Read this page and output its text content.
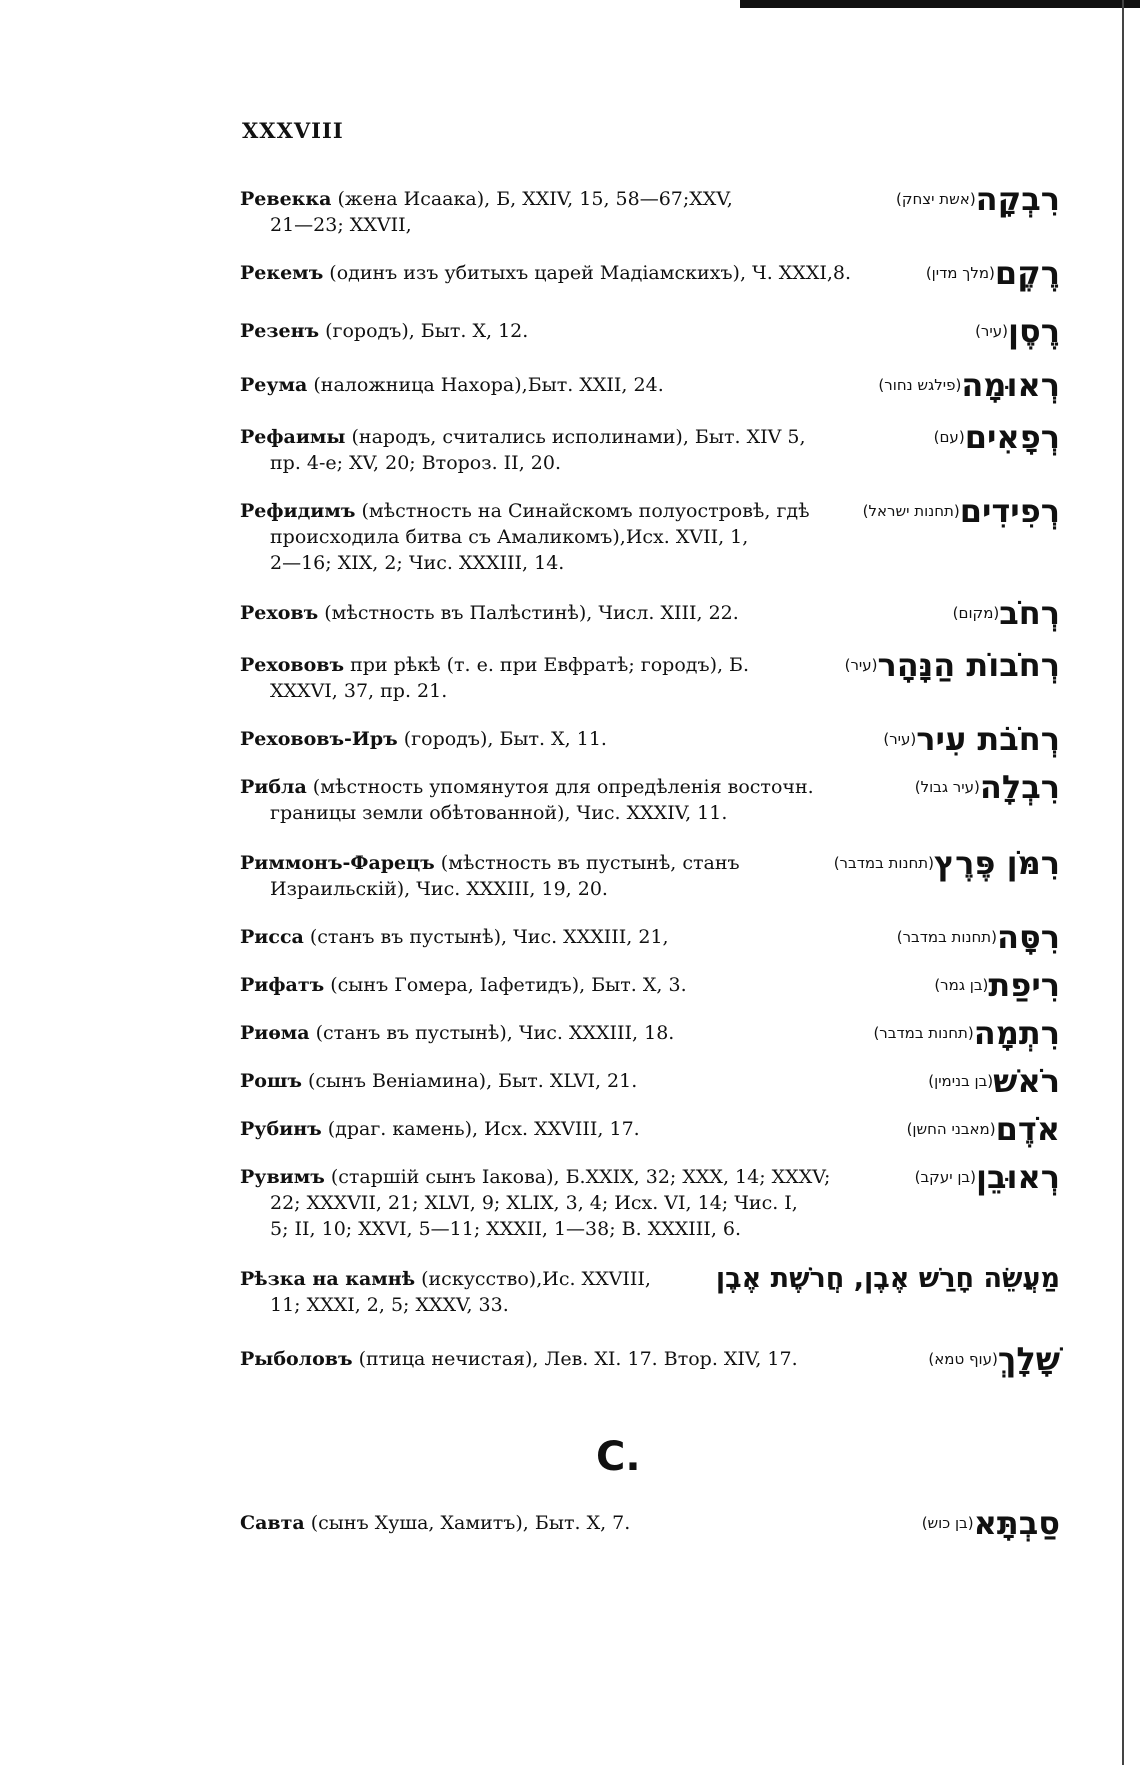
XXXVIII
Ревекка (жена Исаака), Б, XXIV, 15, 58—67;XXV,
21—23; XXVII,
רִבְקָה(אשת יצחק)
Рекемъ (одинъ изъ убитыхъ царей Мадіамскихъ), Ч. XXXI,8.	רֶקֶם(מלך מדין)
Резенъ (городъ), Быт. X, 12.	רֶסֶן(עיר)
Реума (наложница Нахора),Быт. XXII, 24.	רְאוּמָה(פילגש נחור)
Рефаимы (народъ, считались исполинами), Быт. XIV 5,
пр. 4-е; XV, 20; Второз. II, 20.
רְפָאִים(עם)
Рефидимъ (мѣстность на Синайскомъ полуостровѣ, гдѣ
происходила битва съ Амаликомъ),Исх. XVII, 1,
2—16; XIX, 2; Чис. XXXIII, 14.
רְפִידִים(תחנות ישראל)
Реховъ (мѣстность въ Палѣстинѣ), Числ. XIII, 22.	רְחֹב(מקום)
Рехововъ при рѣкѣ (т. е. при Евфратѣ; городъ), Б.
XXXVI, 37, пр. 21.
רְחֹבוֹת הַנָּהָר(עיר)
Рехововъ-Иръ (городъ), Быт. X, 11.	רְחֹבֹת עִיר(עיר)
Рибла (мѣстность упомянутоя для опредѣленія восточн.
границы земли обѣтованной), Чис. XXXIV, 11.
רִבְלָה(עיר גבול)
Риммонъ-Фарецъ (мѣстность въ пустынѣ, станъ
Израильскій), Чис. XXXIII, 19, 20.
רִמֹּן פֶּרֶץ(תחנות במדבר)
Рисса (станъ въ пустынѣ), Чис. XXXIII, 21,	רִסָּה(תחנות במדבר)
Рифатъ (сынъ Гомера, Іафетидъ), Быт. X, 3.	רִיפַת(בן גמר)
Риѳма (станъ въ пустынѣ), Чис. XXXIII, 18.	רִתְמָה(תחנות במדבר)
Рошъ (сынъ Веніамина), Быт. XLVI, 21.	רֹאשׁ(בן בנימין)
Рубинъ (драг. камень), Исх. XXVIII, 17.	אֹדֶם(מאבני החשן)
Рувимъ (старшій сынъ Іакова), Б.XXIX, 32; XXX, 14; XXXV;
22; XXXVII, 21; XLVI, 9; XLIX, 3, 4; Исх. VI, 14; Чис. I,
5; II, 10; XXVI, 5—11; XXXII, 1—38; В. XXXIII, 6.
רְאוּבֵן(בן יעקב)
Рѣзка на камнѣ (искусство),Ис. XXVIII,
11; XXXI, 2, 5; XXXV, 33.
מַעֲשֵׂה חָרַשׁ אֶבֶן, חֲרֹשֶׁת אֶבֶן
Рыболовъ (птица нечистая), Лев. XI. 17. Втор. XIV, 17.	שָׁלָךְ(עוף טמא)
С.
Савта (сынъ Хуша, Хамитъ), Быт. X, 7.	סַבְתָּא(בן כוש)
